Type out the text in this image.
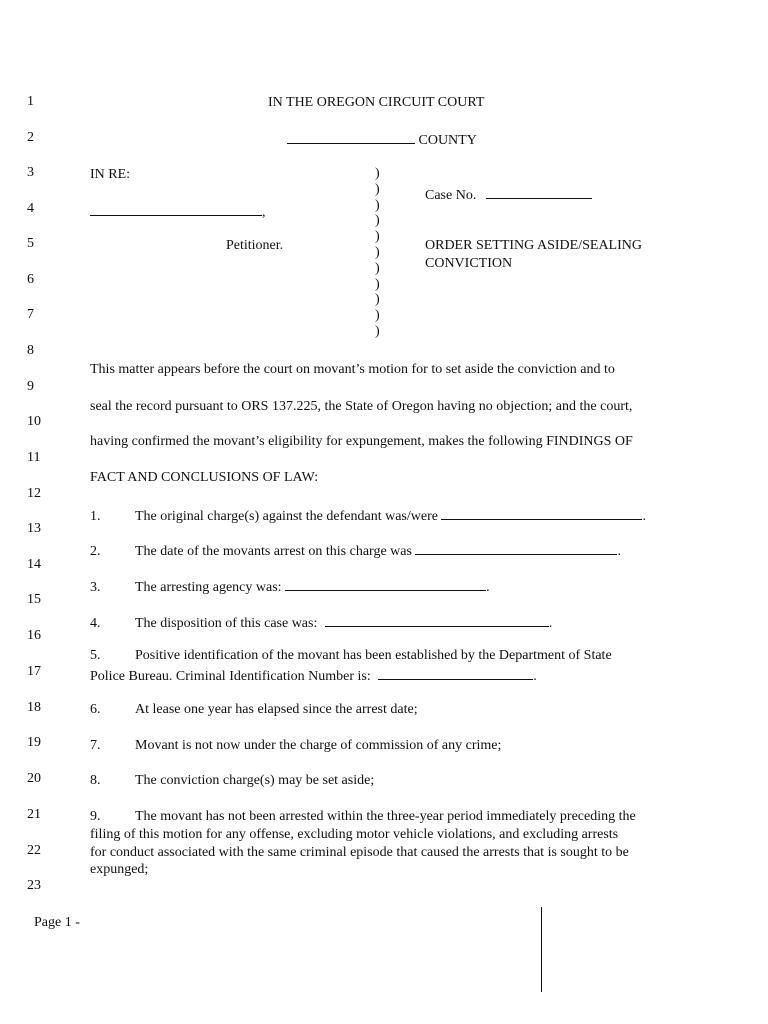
1
2
3
4
5
6
7
8
9
10
11
12
13
14
15
16
17
18
19
20
21
22
23
IN THE OREGON CIRCUIT COURT
COUNTY
IN RE:
,
Petitioner.
)
)
)
)
)
)
)
)
)
)
)
Case No.
ORDER SETTING ASIDE/SEALING
CONVICTION
This matter appears before the court on movant’s motion for to set aside the conviction and to
seal the record pursuant to ORS 137.225, the State of Oregon having no objection; and the court,
having confirmed the movant’s eligibility for expungement, makes the following FINDINGS OF
FACT AND CONCLUSIONS OF LAW:
1. The original charge(s) against the defendant was/were	.
2. The date of the movants arrest on this charge was	.
3. The arresting agency was:	.
4. The disposition of this case was:	.
5. Positive identification of the movant has been established by the Department of State
Police Bureau. Criminal Identification Number is:	.
6. At lease one year has elapsed since the arrest date;
7. Movant is not now under the charge of commission of any crime;
8. The conviction charge(s) may be set aside;
9. The movant has not been arrested within the three-year period immediately preceding the
filing of this motion for any offense, excluding motor vehicle violations, and excluding arrests
for conduct associated with the same criminal episode that caused the arrests that is sought to be
expunged;
Page 1 -
